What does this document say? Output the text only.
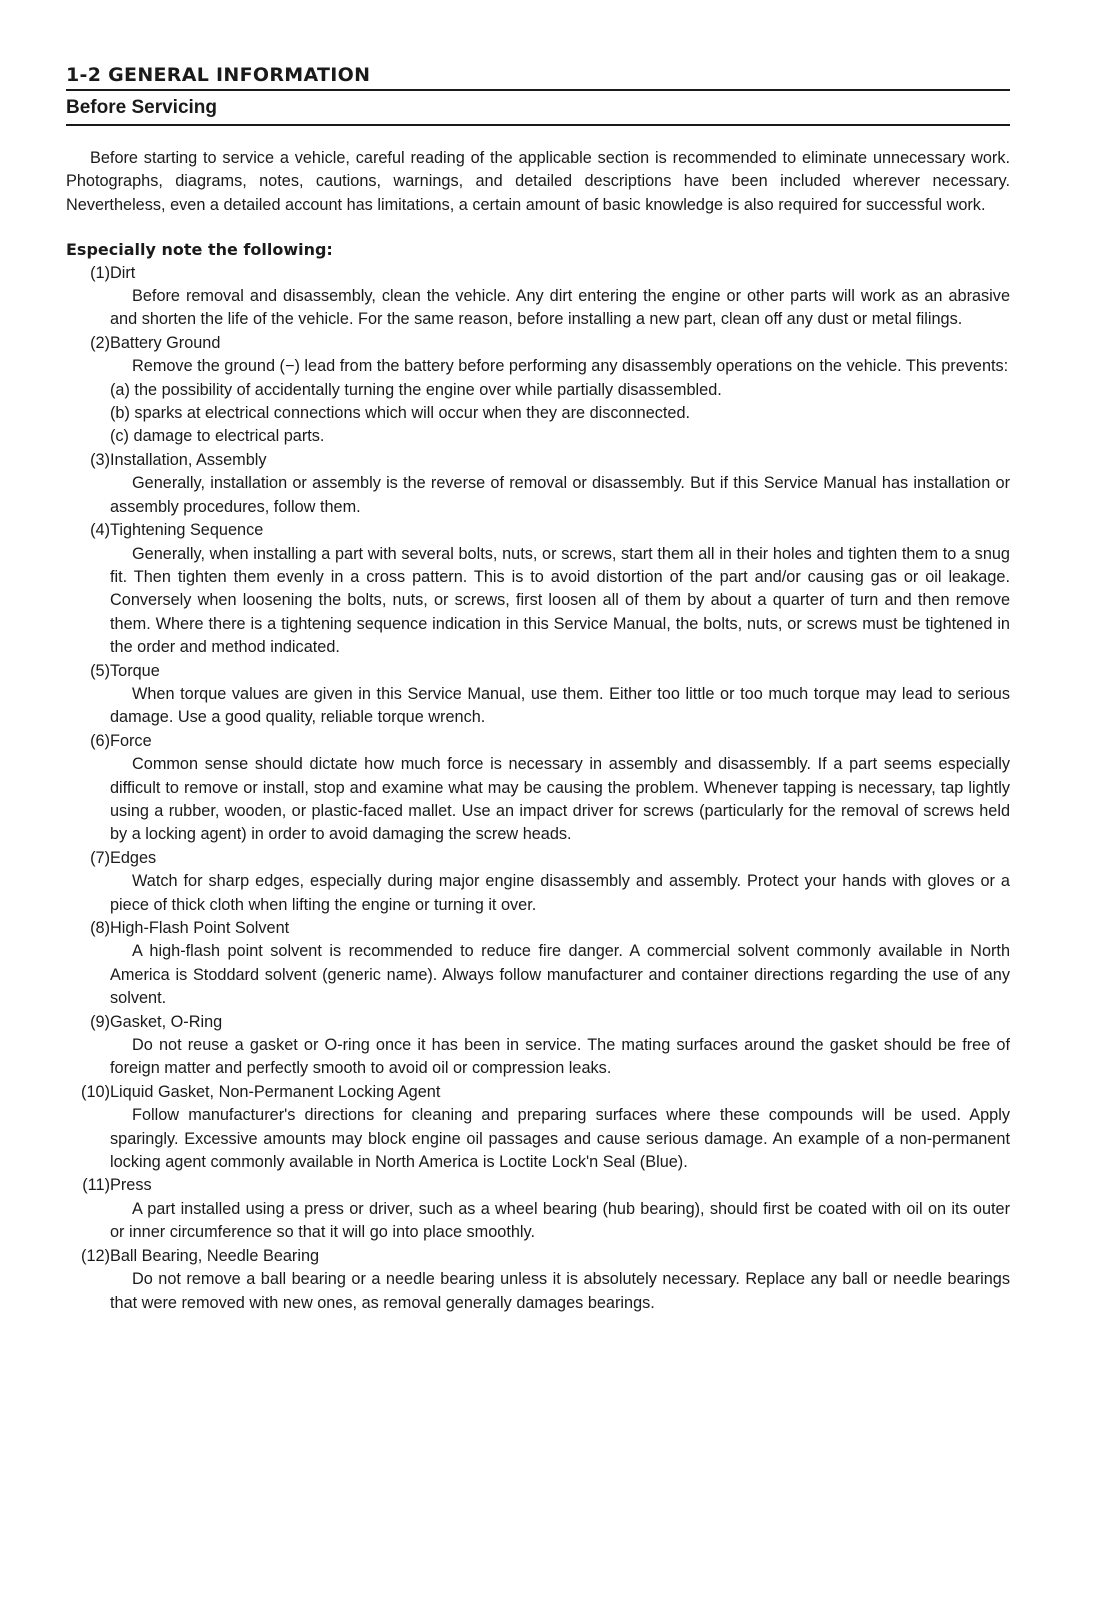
1-2 GENERAL INFORMATION
Before Servicing

Before starting to service a vehicle, careful reading of the applicable section is recommended to eliminate unnecessary work. Photographs, diagrams, notes, cautions, warnings, and detailed descriptions have been included wherever necessary. Nevertheless, even a detailed account has limitations, a certain amount of basic knowledge is also required for successful work.

Especially note the following:
(1) Dirt

Before removal and disassembly, clean the vehicle. Any dirt entering the engine or other parts will work as an abrasive and shorten the life of the vehicle. For the same reason, before installing a new part, clean off any dust or metal filings.

(2) Battery Ground

Remove the ground (−) lead from the battery before performing any disassembly operations on the vehicle. This prevents:

(a) the possibility of accidentally turning the engine over while partially disassembled.
(b) sparks at electrical connections which will occur when they are disconnected.
(c) damage to electrical parts.
(3) Installation, Assembly

Generally, installation or assembly is the reverse of removal or disassembly. But if this Service Manual has installation or assembly procedures, follow them.

(4) Tightening Sequence

Generally, when installing a part with several bolts, nuts, or screws, start them all in their holes and tighten them to a snug fit. Then tighten them evenly in a cross pattern. This is to avoid distortion of the part and/or causing gas or oil leakage. Conversely when loosening the bolts, nuts, or screws, first loosen all of them by about a quarter of turn and then remove them. Where there is a tightening sequence indication in this Service Manual, the bolts, nuts, or screws must be tightened in the order and method indicated.

(5) Torque

When torque values are given in this Service Manual, use them. Either too little or too much torque may lead to serious damage. Use a good quality, reliable torque wrench.

(6) Force

Common sense should dictate how much force is necessary in assembly and disassembly. If a part seems especially difficult to remove or install, stop and examine what may be causing the problem. Whenever tapping is necessary, tap lightly using a rubber, wooden, or plastic-faced mallet. Use an impact driver for screws (particularly for the removal of screws held by a locking agent) in order to avoid damaging the screw heads.

(7) Edges

Watch for sharp edges, especially during major engine disassembly and assembly. Protect your hands with gloves or a piece of thick cloth when lifting the engine or turning it over.

(8) High-Flash Point Solvent

A high-flash point solvent is recommended to reduce fire danger. A commercial solvent commonly available in North America is Stoddard solvent (generic name). Always follow manufacturer and container directions regarding the use of any solvent.

(9) Gasket, O-Ring

Do not reuse a gasket or O-ring once it has been in service. The mating surfaces around the gasket should be free of foreign matter and perfectly smooth to avoid oil or compression leaks.

(10) Liquid Gasket, Non-Permanent Locking Agent

Follow manufacturer's directions for cleaning and preparing surfaces where these compounds will be used. Apply sparingly. Excessive amounts may block engine oil passages and cause serious damage. An example of a non-permanent locking agent commonly available in North America is Loctite Lock'n Seal (Blue).

(11) Press

A part installed using a press or driver, such as a wheel bearing (hub bearing), should first be coated with oil on its outer or inner circumference so that it will go into place smoothly.

(12) Ball Bearing, Needle Bearing

Do not remove a ball bearing or a needle bearing unless it is absolutely necessary. Replace any ball or needle bearings that were removed with new ones, as removal generally damages bearings.
